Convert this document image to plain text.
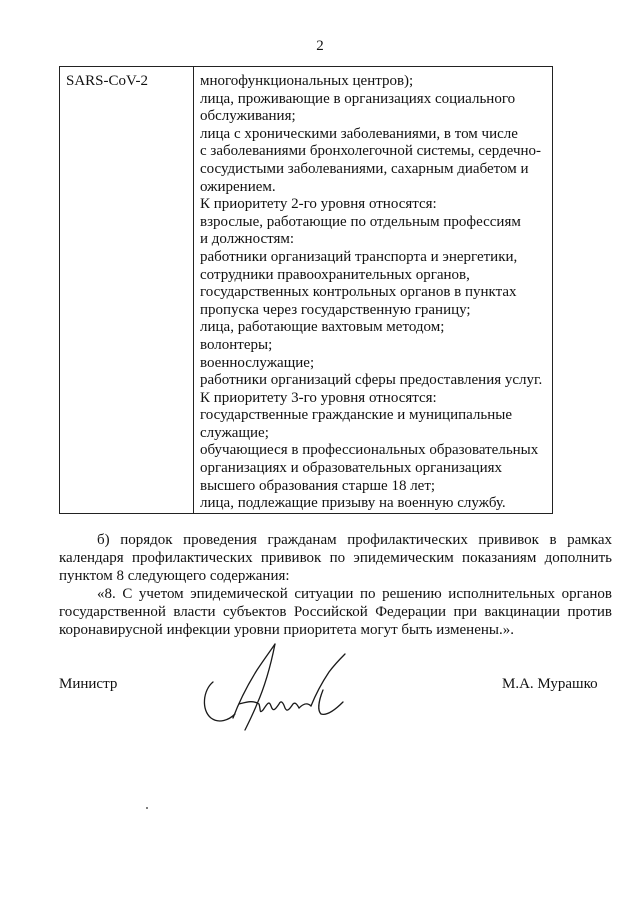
2
SARS-CoV-2	многофункциональных центров);
лица, проживающие в организациях социального
обслуживания;
лица с хроническими заболеваниями, в том числе
с заболеваниями бронхолегочной системы, сердечно-
сосудистыми заболеваниями, сахарным диабетом и
ожирением.
К приоритету 2-го уровня относятся:
взрослые, работающие по отдельным профессиям
и должностям:
работники организаций транспорта и энергетики,
сотрудники правоохранительных органов,
государственных контрольных органов в пунктах
пропуска через государственную границу;
лица, работающие вахтовым методом;
волонтеры;
военнослужащие;
работники организаций сферы предоставления услуг.
К приоритету 3-го уровня относятся:
государственные гражданские и муниципальные
служащие;
обучающиеся в профессиональных образовательных
организациях и образовательных организациях
высшего образования старше 18 лет;
лица, подлежащие призыву на военную службу.
б) порядок проведения гражданам профилактических прививок в рамках
календаря профилактических прививок по эпидемическим показаниям дополнить
пунктом 8 следующего содержания:
«8. С учетом эпидемической ситуации по решению исполнительных органов
государственной власти субъектов Российской Федерации при вакцинации против
коронавирусной инфекции уровни приоритета могут быть изменены.».
Министр	М.А. Мурашко
